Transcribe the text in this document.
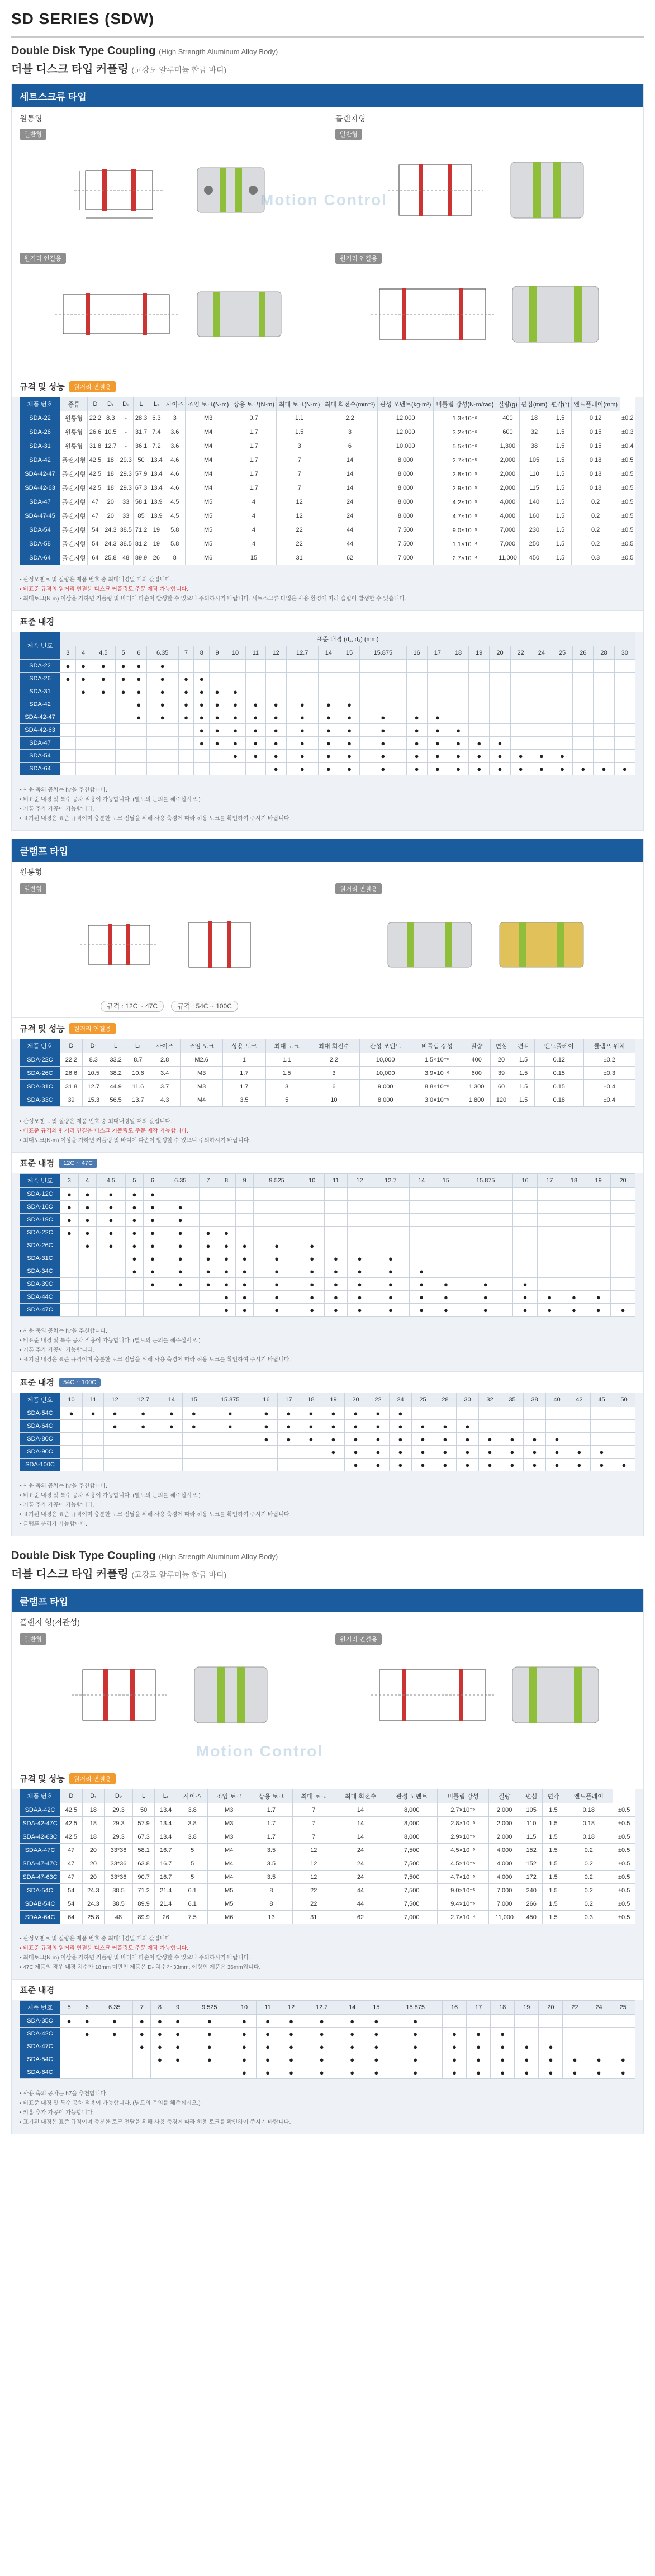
SD SERIES (SDW)
Double Disk Type Coupling (High Strength Aluminum Alloy Body)
더블 디스크 타입 커플링 (고강도 알루미늄 합금 바디)
세트스크류 타입
원통형
일반형
플랜지형
일반형
Motion Control
원거리 연결용	원거리 연결용
규격 및 성능	원거리 연결용
제품 번호	종류	D	D₁	D₂	L	L₁	사이즈	조임 토크(N·m)	상용 토크(N·m)	최대 토크(N·m)	최대 회전수(min⁻¹)	관성 모멘트(kg·m²)	비틀림 강성(N·m/rad)	질량(g)	편심(mm)	편각(°)	엔드플레이(mm)	
SDA-22	원통형	22.2	8.3	-	28.3	6.3	3	M3	0.7	1.1	2.2	12,000	1.3×10⁻⁶	400	18	1.5	0.12	±0.2
SDA-26	원통형	26.6	10.5	-	31.7	7.4	3.6	M4	1.7	1.5	3	12,000	3.2×10⁻⁶	600	32	1.5	0.15	±0.3
SDA-31	원통형	31.8	12.7	-	36.1	7.2	3.6	M4	1.7	3	6	10,000	5.5×10⁻⁶	1,300	38	1.5	0.15	±0.4
SDA-42	플랜지형	42.5	18	29.3	50	13.4	4.6	M4	1.7	7	14	8,000	2.7×10⁻⁵	2,000	105	1.5	0.18	±0.5
SDA-42-47	플랜지형	42.5	18	29.3	57.9	13.4	4.6	M4	1.7	7	14	8,000	2.8×10⁻⁵	2,000	110	1.5	0.18	±0.5
SDA-42-63	플랜지형	42.5	18	29.3	67.3	13.4	4.6	M4	1.7	7	14	8,000	2.9×10⁻⁵	2,000	115	1.5	0.18	±0.5
SDA-47	플랜지형	47	20	33	58.1	13.9	4.5	M5	4	12	24	8,000	4.2×10⁻⁵	4,000	140	1.5	0.2	±0.5
SDA-47-45	플랜지형	47	20	33	85	13.9	4.5	M5	4	12	24	8,000	4.7×10⁻⁵	4,000	160	1.5	0.2	±0.5
SDA-54	플랜지형	54	24.3	38.5	71.2	19	5.8	M5	4	22	44	7,500	9.0×10⁻⁵	7,000	230	1.5	0.2	±0.5
SDA-58	플랜지형	54	24.3	38.5	81.2	19	5.8	M5	4	22	44	7,500	1.1×10⁻⁴	7,000	250	1.5	0.2	±0.5
SDA-64	플랜지형	64	25.8	48	89.9	26	8	M6	15	31	62	7,000	2.7×10⁻⁴	11,000	450	1.5	0.3	±0.5
• 관성모멘트 및 질량은 제품 번호 중 최대내경일 때의 값입니다.
• 비표준 규격의 원거리 연결용 디스크 커플링도 주문 제작 가능합니다.
• 최대토크(N·m) 이상을 가하면 커플링 및 바디에 파손이 발생할 수 있으니 주의하시기 바랍니다. 세트스크류 타입은 사용 환경에 따라 슬립이 발생할 수 있습니다.
표준 내경
제품 번호	표준 내경 (d₁, d₂) (mm)																										
	3	4	4.5	5	6	6.35	7	8	9	10	11	12	12.7	14	15	15.875	16	17	18	19	20	22	24	25	26	28	30
SDA-22	●	●	●	●	●	●																					
SDA-26	●	●	●	●	●	●	●	●																			
SDA-31		●	●	●	●	●	●	●	●	●																	
SDA-42					●	●	●	●	●	●	●	●	●	●	●												
SDA-42-47					●	●	●	●	●	●	●	●	●	●	●	●	●	●									
SDA-42-63								●	●	●	●	●	●	●	●	●	●	●	●								
SDA-47								●	●	●	●	●	●	●	●	●	●	●	●	●	●						
SDA-54										●	●	●	●	●	●	●	●	●	●	●	●	●	●	●			
SDA-64												●	●	●	●	●	●	●	●	●	●	●	●	●	●	●	●
• 사용 축의 공차는 h7을 추천합니다.
• 비표준 내경 및 특수 공차 적용이 가능합니다. (별도의 문의를 해주십시오.)
• 키홈 추가 가공이 가능합니다.
• 표기된 내경은 표준 규격이며 충분한 토크 전달을 위해 사용 축경에 따라 허용 토크를 확인하여 주시기 바랍니다.
클램프 타입
원통형
일반형
규격 : 12C ~ 47C	규격 : 54C ~ 100C
원거리 연결용
규격 및 성능	원거리 연결용
제품 번호	D	D₁	L	L₁	사이즈	조임 토크	상용 토크	최대 토크	최대 회전수	관성 모멘트	비틀림 강성	질량	편심	편각	엔드플레이	클램프 위치
SDA-22C	22.2	8.3	33.2	8.7	2.8	M2.6	1	1.1	2.2	10,000	1.5×10⁻⁶	400	20	1.5	0.12	±0.2
SDA-26C	26.6	10.5	38.2	10.6	3.4	M3	1.7	1.5	3	10,000	3.9×10⁻⁶	600	39	1.5	0.15	±0.3
SDA-31C	31.8	12.7	44.9	11.6	3.7	M3	1.7	3	6	9,000	8.8×10⁻⁶	1,300	60	1.5	0.15	±0.4
SDA-33C	39	15.3	56.5	13.7	4.3	M4	3.5	5	10	8,000	3.0×10⁻⁵	1,800	120	1.5	0.18	±0.4
• 관성모멘트 및 질량은 제품 번호 중 최대내경일 때의 값입니다.
• 비표준 규격의 원거리 연결용 디스크 커플링도 주문 제작 가능합니다.
• 최대토크(N·m) 이상을 가하면 커플링 및 바디에 파손이 발생할 수 있으니 주의하시기 바랍니다.
표준 내경	12C ~ 47C
제품 번호	3	4	4.5	5	6	6.35	7	8	9	9.525	10	11	12	12.7	14	15	15.875	16	17	18	19	20
SDA-12C	●	●	●	●	●																	
SDA-16C	●	●	●	●	●	●																
SDA-19C	●	●	●	●	●	●																
SDA-22C	●	●	●	●	●	●	●	●														
SDA-26C		●	●	●	●	●	●	●	●	●	●											
SDA-31C				●	●	●	●	●	●	●	●	●	●	●								
SDA-34C				●	●	●	●	●	●	●	●	●	●	●	●							
SDA-39C					●	●	●	●	●	●	●	●	●	●	●	●	●	●				
SDA-44C								●	●	●	●	●	●	●	●	●	●	●	●	●	●	
SDA-47C								●	●	●	●	●	●	●	●	●	●	●	●	●	●	●
• 사용 축의 공차는 h7을 추천합니다.
• 비표준 내경 및 특수 공차 적용이 가능합니다. (별도의 문의를 해주십시오.)
• 키홈 추가 가공이 가능합니다.
• 표기된 내경은 표준 규격이며 충분한 토크 전달을 위해 사용 축경에 따라 허용 토크를 확인하여 주시기 바랍니다.
표준 내경	54C ~ 100C
제품 번호	10	11	12	12.7	14	15	15.875	16	17	18	19	20	22	24	25	28	30	32	35	38	40	42	45	50
SDA-54C	●	●	●	●	●	●	●	●	●	●	●	●	●	●										
SDA-64C			●	●	●	●	●	●	●	●	●	●	●	●	●	●	●							
SDA-80C								●	●	●	●	●	●	●	●	●	●	●	●	●	●			
SDA-90C											●	●	●	●	●	●	●	●	●	●	●	●	●	
SDA-100C												●	●	●	●	●	●	●	●	●	●	●	●	●
• 사용 축의 공차는 h7을 추천합니다.
• 비표준 내경 및 특수 공차 적용이 가능합니다. (별도의 문의를 해주십시오.)
• 키홈 추가 가공이 가능합니다.
• 표기된 내경은 표준 규격이며 충분한 토크 전달을 위해 사용 축경에 따라 허용 토크를 확인하여 주시기 바랍니다.
• 클램프 분리가 가능합니다.
Double Disk Type Coupling (High Strength Aluminum Alloy Body)
더블 디스크 타입 커플링 (고강도 알루미늄 합금 바디)
클램프 타입
플랜지 형(저관성)
일반형
Motion Control
원거리 연결용
규격 및 성능	원거리 연결용
제품 번호	D	D₁	D₂	L	L₁	사이즈	조임 토크	상용 토크	최대 토크	최대 회전수	관성 모멘트	비틀림 강성	질량	편심	편각	엔드플레이	
SDAA-42C	42.5	18	29.3	50	13.4	3.8	M3	1.7	7	14	8,000	2.7×10⁻⁵	2,000	105	1.5	0.18	±0.5
SDA-42-47C	42.5	18	29.3	57.9	13.4	3.8	M3	1.7	7	14	8,000	2.8×10⁻⁵	2,000	110	1.5	0.18	±0.5
SDA-42-63C	42.5	18	29.3	67.3	13.4	3.8	M3	1.7	7	14	8,000	2.9×10⁻⁵	2,000	115	1.5	0.18	±0.5
SDAA-47C	47	20	33*36	58.1	16.7	5	M4	3.5	12	24	7,500	4.5×10⁻⁵	4,000	152	1.5	0.2	±0.5
SDA-47-47C	47	20	33*36	63.8	16.7	5	M4	3.5	12	24	7,500	4.5×10⁻⁵	4,000	152	1.5	0.2	±0.5
SDA-47-63C	47	20	33*36	90.7	16.7	5	M4	3.5	12	24	7,500	4.7×10⁻⁵	4,000	172	1.5	0.2	±0.5
SDA-54C	54	24.3	38.5	71.2	21.4	6.1	M5	8	22	44	7,500	9.0×10⁻⁵	7,000	240	1.5	0.2	±0.5
SDAB-54C	54	24.3	38.5	89.9	21.4	6.1	M5	8	22	44	7,500	9.4×10⁻⁵	7,000	266	1.5	0.2	±0.5
SDAA-64C	64	25.8	48	89.9	26	7.5	M6	13	31	62	7,000	2.7×10⁻⁴	11,000	450	1.5	0.3	±0.5
• 관성모멘트 및 질량은 제품 번호 중 최대내경일 때의 값입니다.
• 비표준 규격의 원거리 연결용 디스크 커플링도 주문 제작 가능합니다.
• 최대토크(N·m) 이상을 가하면 커플링 및 바디에 파손이 발생할 수 있으니 주의하시기 바랍니다.
• 47C 제품의 경우 내경 치수가 18mm 미만인 제품은 D₂ 치수가 33mm, 이상인 제품은 36mm입니다.
표준 내경
제품 번호	5	6	6.35	7	8	9	9.525	10	11	12	12.7	14	15	15.875	16	17	18	19	20	22	24	25
SDA-35C	●	●	●	●	●	●	●	●	●	●	●	●	●	●								
SDA-42C		●	●	●	●	●	●	●	●	●	●	●	●	●	●	●	●					
SDA-47C				●	●	●	●	●	●	●	●	●	●	●	●	●	●	●	●			
SDA-54C					●	●	●	●	●	●	●	●	●	●	●	●	●	●	●	●	●	●
SDA-64C								●	●	●	●	●	●	●	●	●	●	●	●	●	●	●
• 사용 축의 공차는 h7을 추천합니다.
• 비표준 내경 및 특수 공차 적용이 가능합니다. (별도의 문의를 해주십시오.)
• 키홈 추가 가공이 가능합니다.
• 표기된 내경은 표준 규격이며 충분한 토크 전달을 위해 사용 축경에 따라 허용 토크를 확인하여 주시기 바랍니다.
